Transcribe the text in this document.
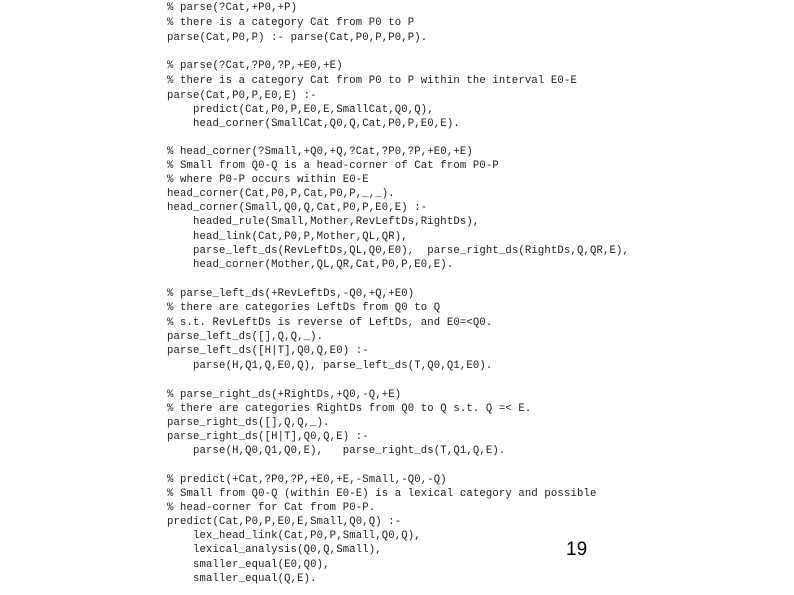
% parse(?Cat,+P0,+P)
% there is a category Cat from P0 to P
parse(Cat,P0,P) :- parse(Cat,P0,P,P0,P).
% parse(?Cat,?P0,?P,+E0,+E)
% there is a category Cat from P0 to P within the interval E0-E
parse(Cat,P0,P,E0,E) :-
predict(Cat,P0,P,E0,E,SmallCat,Q0,Q),
head_corner(SmallCat,Q0,Q,Cat,P0,P,E0,E).
% head_corner(?Small,+Q0,+Q,?Cat,?P0,?P,+E0,+E)
% Small from Q0-Q is a head-corner of Cat from P0-P
% where P0-P occurs within E0-E
head_corner(Cat,P0,P,Cat,P0,P,_,_).
head_corner(Small,Q0,Q,Cat,P0,P,E0,E) :-
headed_rule(Small,Mother,RevLeftDs,RightDs),
head_link(Cat,P0,P,Mother,QL,QR),
parse_left_ds(RevLeftDs,QL,Q0,E0),  parse_right_ds(RightDs,Q,QR,E),
head_corner(Mother,QL,QR,Cat,P0,P,E0,E).
% parse_left_ds(+RevLeftDs,-Q0,+Q,+E0)
% there are categories LeftDs from Q0 to Q
% s.t. RevLeftDs is reverse of LeftDs, and E0=<Q0.
parse_left_ds([],Q,Q,_).
parse_left_ds([H|T],Q0,Q,E0) :-
parse(H,Q1,Q,E0,Q), parse_left_ds(T,Q0,Q1,E0).
% parse_right_ds(+RightDs,+Q0,-Q,+E)
% there are categories RightDs from Q0 to Q s.t. Q =< E.
parse_right_ds([],Q,Q,_).
parse_right_ds([H|T],Q0,Q,E) :-
parse(H,Q0,Q1,Q0,E),   parse_right_ds(T,Q1,Q,E).
% predict(+Cat,?P0,?P,+E0,+E,-Small,-Q0,-Q)
% Small from Q0-Q (within E0-E) is a lexical category and possible
% head-corner for Cat from P0-P.
predict(Cat,P0,P,E0,E,Small,Q0,Q) :-
lex_head_link(Cat,P0,P,Small,Q0,Q),
lexical_analysis(Q0,Q,Small),
smaller_equal(E0,Q0),
smaller_equal(Q,E).
19
